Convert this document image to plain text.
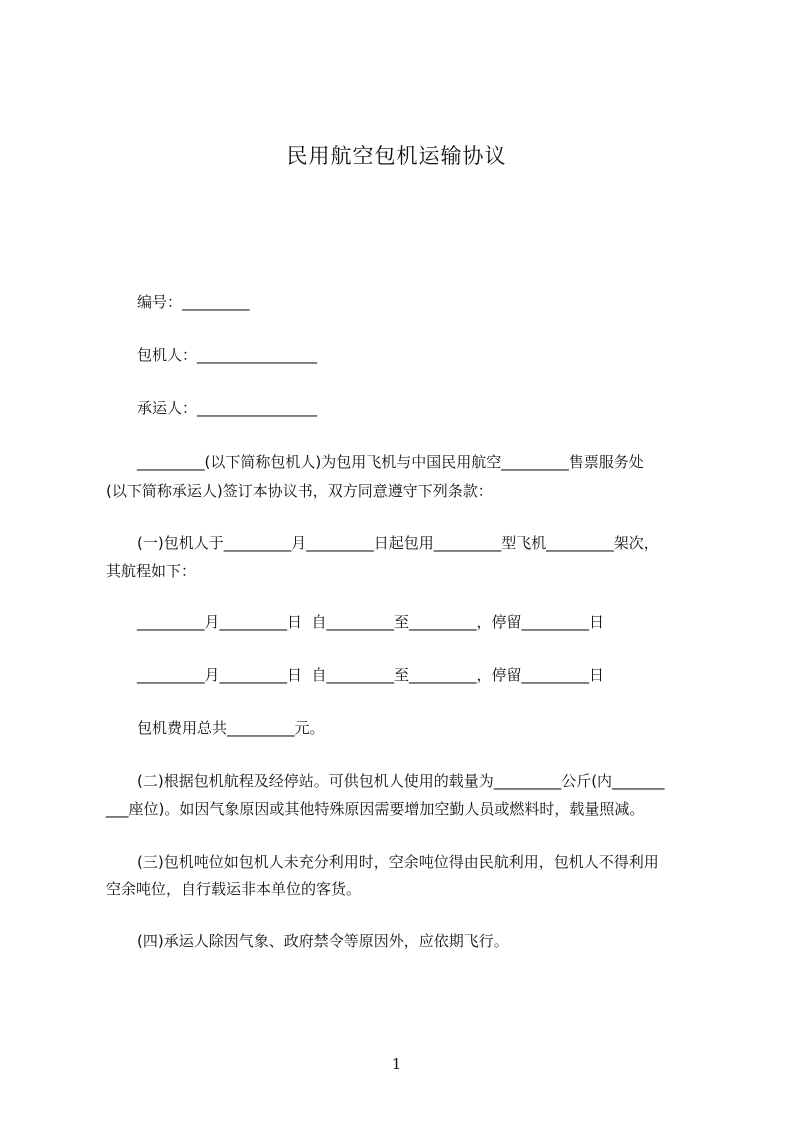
民用航空包机运输协议
编号：_________
包机人：________________
承运人：________________
_________(以下简称包机人)为包用飞机与中国民用航空_________售票服务处
(以下简称承运人)签订本协议书，双方同意遵守下列条款：
(一)包机人于_________月_________日起包用_________型飞机_________架次，
其航程如下：
_________月_________日  自_________至_________，停留_________日
_________月_________日  自_________至_________，停留_________日
包机费用总共_________元。
(二)根据包机航程及经停站。可供包机人使用的载量为_________公斤(内_______
___座位)。如因气象原因或其他特殊原因需要增加空勤人员或燃料时，载量照减。
(三)包机吨位如包机人未充分利用时，空余吨位得由民航利用，包机人不得利用
空余吨位，自行载运非本单位的客货。
(四)承运人除因气象、政府禁令等原因外，应依期飞行。
1
